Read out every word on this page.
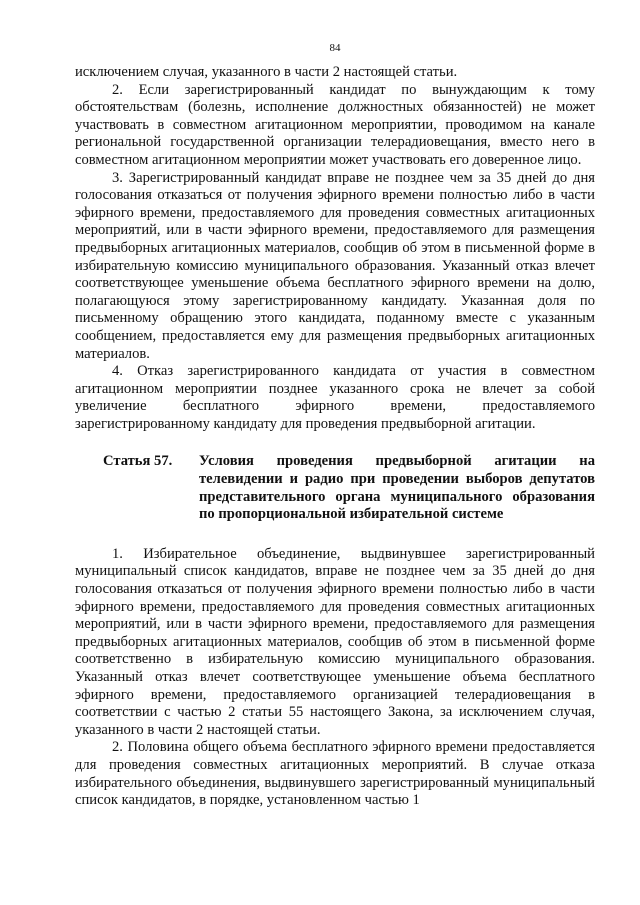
84

исключением случая, указанного в части 2 настоящей статьи.

2. Если зарегистрированный кандидат по вынуждающим к тому обстоятельствам (болезнь, исполнение должностных обязанностей) не может участвовать в совместном агитационном мероприятии, проводимом на канале региональной государственной организации телерадиовещания, вместо него в совместном агитационном мероприятии может участвовать его доверенное лицо.

3. Зарегистрированный кандидат вправе не позднее чем за 35 дней до дня голосования отказаться от получения эфирного времени полностью либо в части эфирного времени, предоставляемого для проведения совместных агитационных мероприятий, или в части эфирного времени, предоставляемого для размещения предвыборных агитационных материалов, сообщив об этом в письменной форме в избирательную комиссию муниципального образования. Указанный отказ влечет соответствующее уменьшение объема бесплатного эфирного времени на долю, полагающуюся этому зарегистрированному кандидату. Указанная доля по письменному обращению этого кандидата, поданному вместе с указанным сообщением, предоставляется ему для размещения предвыборных агитационных материалов.

4. Отказ зарегистрированного кандидата от участия в совместном агитационном мероприятии позднее указанного срока не влечет за собой увеличение бесплатного эфирного времени, предоставляемого зарегистрированному кандидату для проведения предвыборной агитации.

Статья 57.	Условия проведения предвыборной агитации на телевидении и радио при проведении выборов депутатов представительного органа муниципального образования по пропорциональной избирательной системе

1. Избирательное объединение, выдвинувшее зарегистрированный муниципальный список кандидатов, вправе не позднее чем за 35 дней до дня голосования отказаться от получения эфирного времени полностью либо в части эфирного времени, предоставляемого для проведения совместных агитационных мероприятий, или в части эфирного времени, предоставляемого для размещения предвыборных агитационных материалов, сообщив об этом в письменной форме соответственно в избирательную комиссию муниципального образования. Указанный отказ влечет соответствующее уменьшение объема бесплатного эфирного времени, предоставляемого организацией телерадиовещания в соответствии с частью 2 статьи 55 настоящего Закона, за исключением случая, указанного в части 2 настоящей статьи.

2. Половина общего объема бесплатного эфирного времени предоставляется для проведения совместных агитационных мероприятий. В случае отказа избирательного объединения, выдвинувшего зарегистрированный муниципальный список кандидатов, в порядке, установленном частью 1
